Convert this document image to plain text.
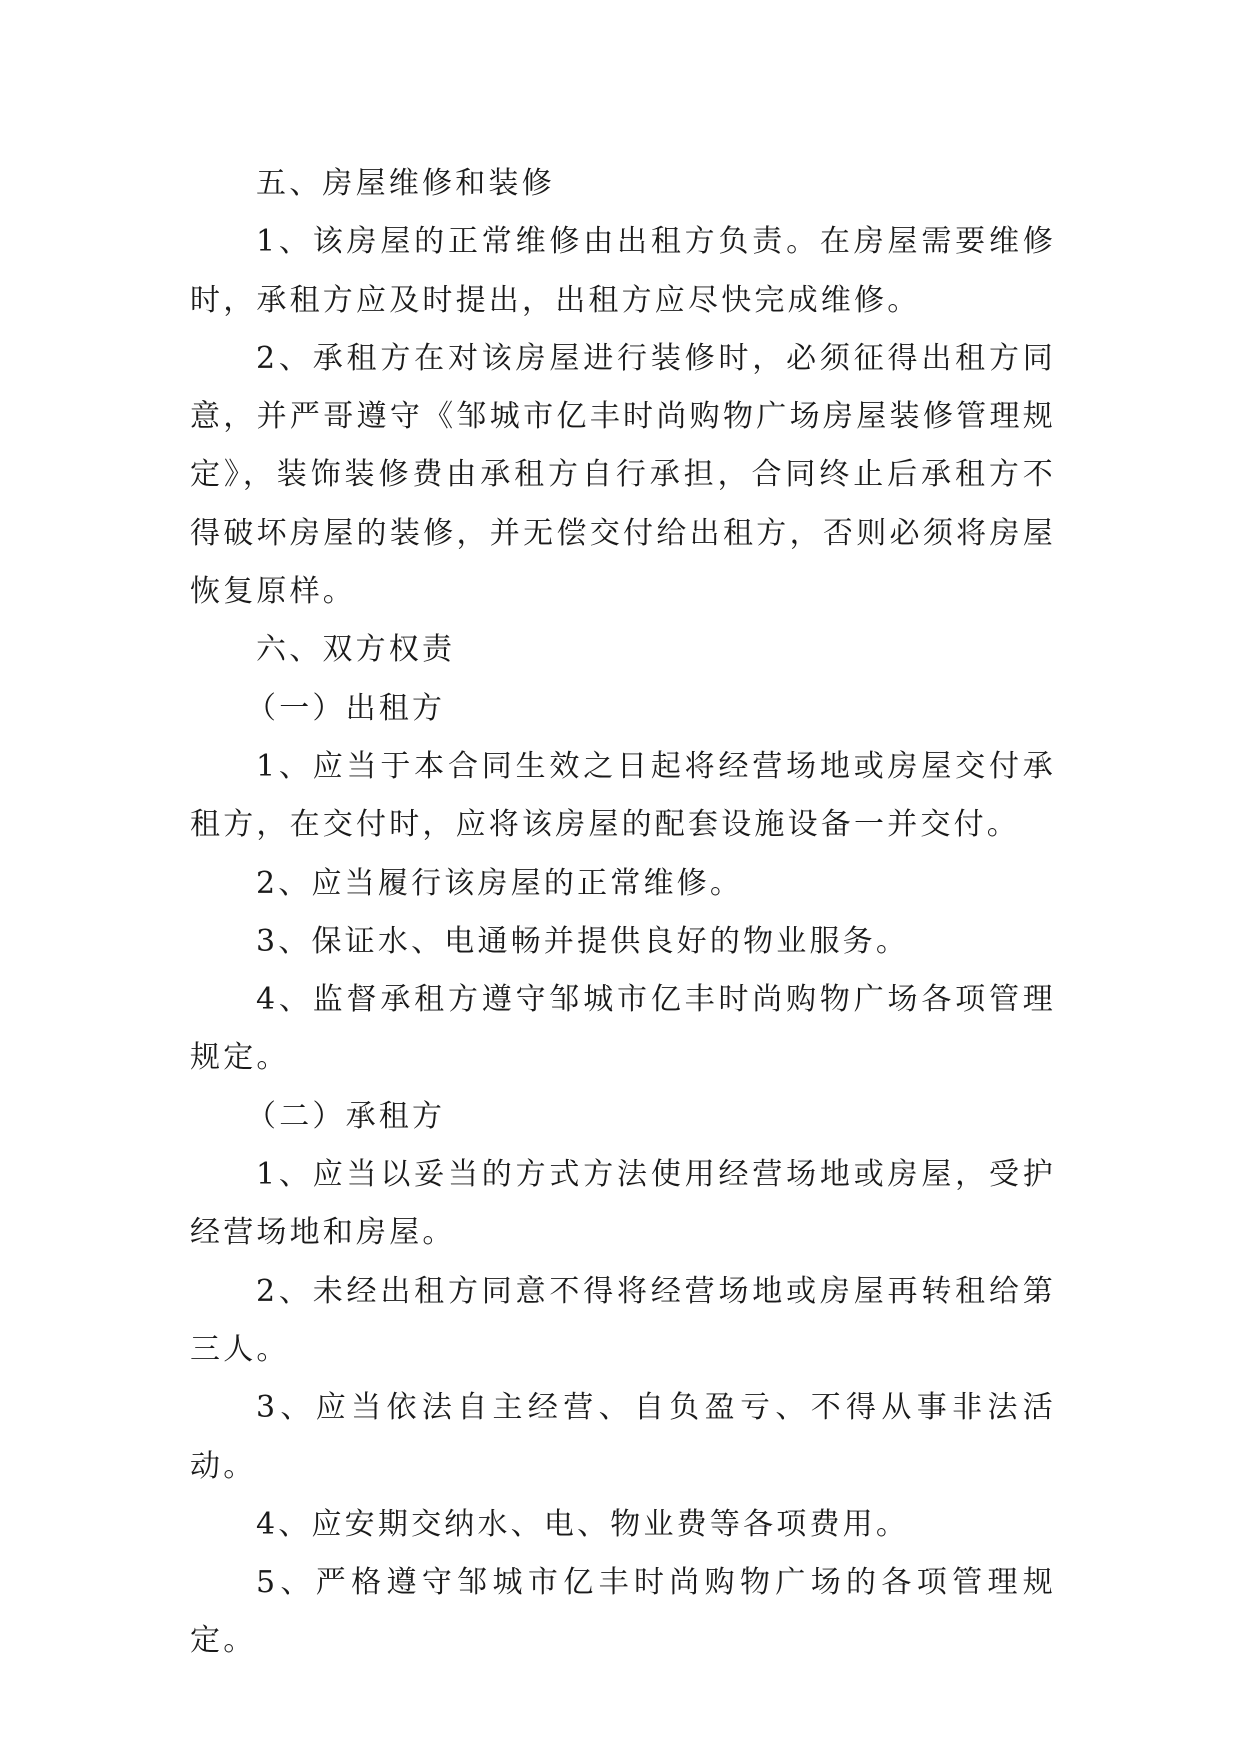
五、房屋维修和装修

1、该房屋的正常维修由出租方负责。在房屋需要维修时，承租方应及时提出，出租方应尽快完成维修。

2、承租方在对该房屋进行装修时，必须征得出租方同意，并严哥遵守《邹城市亿丰时尚购物广场房屋装修管理规定》，装饰装修费由承租方自行承担，合同终止后承租方不得破坏房屋的装修，并无偿交付给出租方，否则必须将房屋恢复原样。

六、双方权责

（一）出租方

1、应当于本合同生效之日起将经营场地或房屋交付承租方，在交付时，应将该房屋的配套设施设备一并交付。

2、应当履行该房屋的正常维修。

3、保证水、电通畅并提供良好的物业服务。

4、监督承租方遵守邹城市亿丰时尚购物广场各项管理规定。

（二）承租方

1、应当以妥当的方式方法使用经营场地或房屋，受护经营场地和房屋。

2、未经出租方同意不得将经营场地或房屋再转租给第三人。

3、应当依法自主经营、自负盈亏、不得从事非法活动。

4、应安期交纳水、电、物业费等各项费用。

5、严格遵守邹城市亿丰时尚购物广场的各项管理规定。
